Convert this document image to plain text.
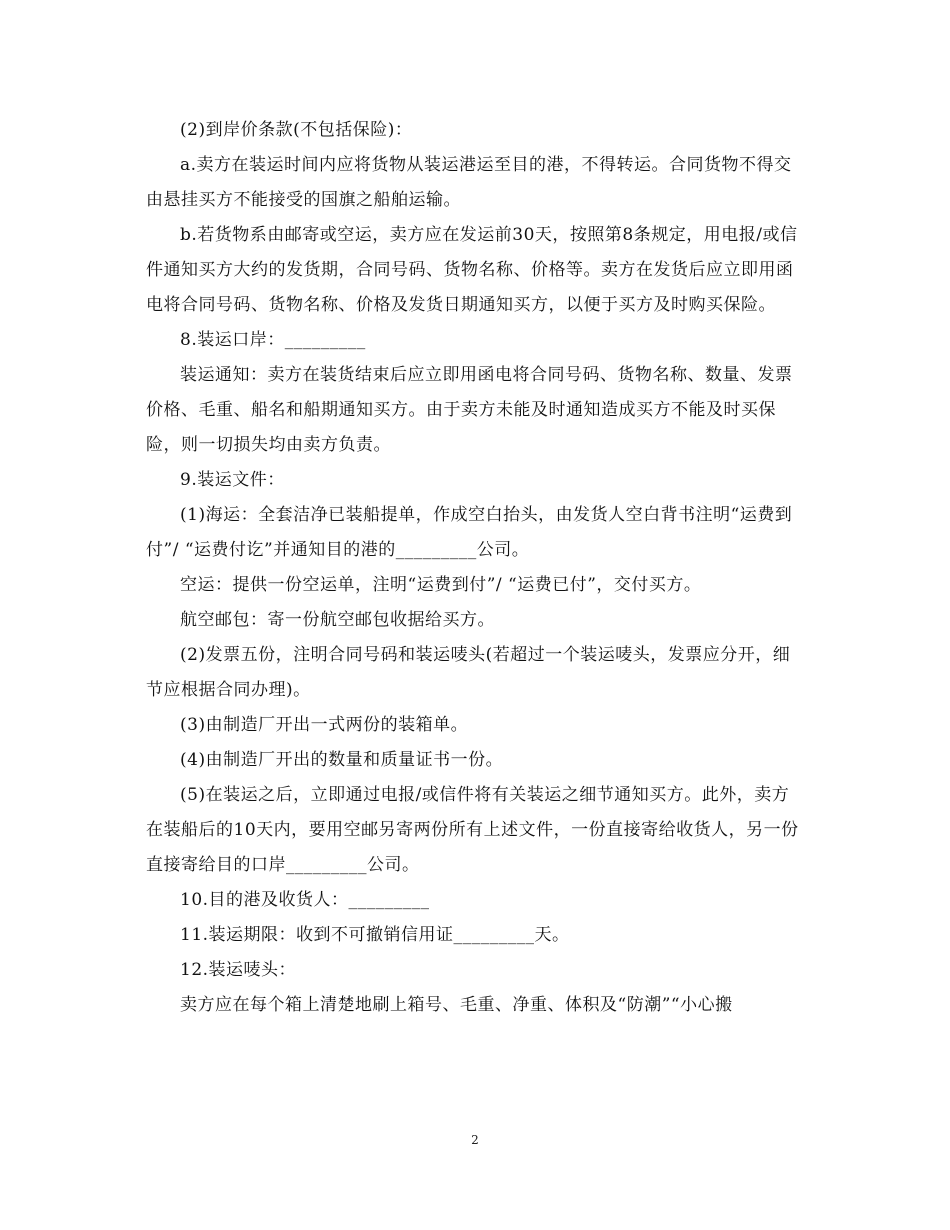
(2)到岸价条款(不包括保险)：

a.卖方在装运时间内应将货物从装运港运至目的港，不得转运。合同货物不得交由悬挂买方不能接受的国旗之船舶运输。

b.若货物系由邮寄或空运，卖方应在发运前30天，按照第8条规定，用电报/或信件通知买方大约的发货期，合同号码、货物名称、价格等。卖方在发货后应立即用函电将合同号码、货物名称、价格及发货日期通知买方，以便于买方及时购买保险。

8.装运口岸：_________

装运通知：卖方在装货结束后应立即用函电将合同号码、货物名称、数量、发票价格、毛重、船名和船期通知买方。由于卖方未能及时通知造成买方不能及时买保险，则一切损失均由卖方负责。

9.装运文件：

(1)海运：全套洁净已装船提单，作成空白抬头，由发货人空白背书注明“运费到付”/ “运费付讫”并通知目的港的_________公司。

空运：提供一份空运单，注明“运费到付”/ “运费已付”，交付买方。

航空邮包：寄一份航空邮包收据给买方。

(2)发票五份，注明合同号码和装运唛头(若超过一个装运唛头，发票应分开，细节应根据合同办理)。

(3)由制造厂开出一式两份的装箱单。

(4)由制造厂开出的数量和质量证书一份。

(5)在装运之后，立即通过电报/或信件将有关装运之细节通知买方。此外，卖方在装船后的10天内，要用空邮另寄两份所有上述文件，一份直接寄给收货人，另一份直接寄给目的口岸_________公司。

10.目的港及收货人：_________

11.装运期限：收到不可撤销信用证_________天。

12.装运唛头：

卖方应在每个箱上清楚地刷上箱号、毛重、净重、体积及“防潮”“小心搬

2
